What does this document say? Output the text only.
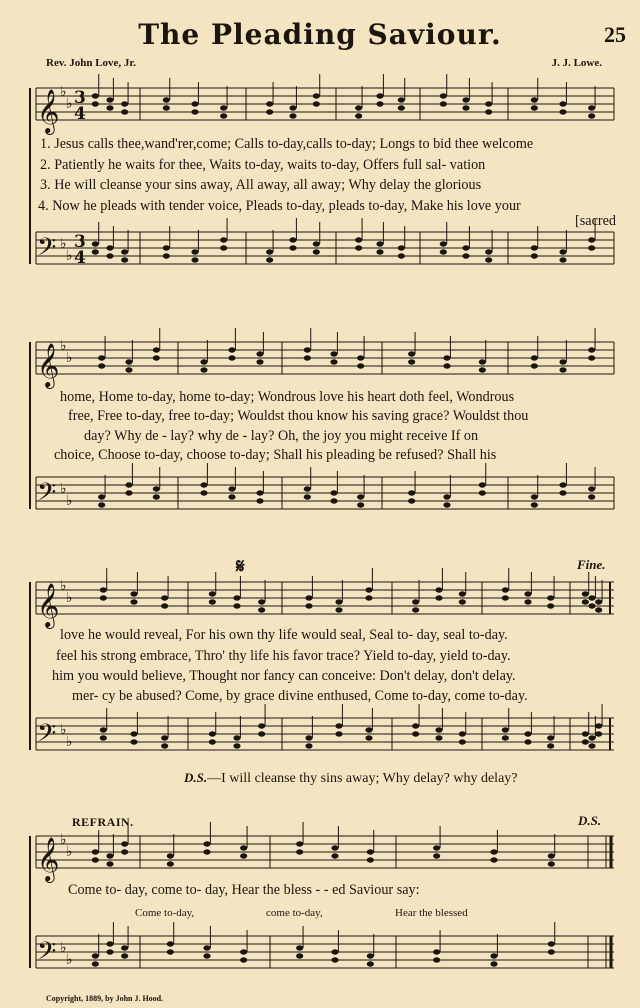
The Pleading Saviour.	25
Rev. John Love, Jr.	J. J. Lowe.
𝄞
𝄢
𝄞
𝄢
𝄞
𝄢
𝄞
𝄢
♭
♭
♭
♭
♭
♭
♭
♭
♭
♭
♭
♭
♭
♭
♭
♭
3
4
3
4
1. Jesus calls thee,wand'rer,come; Calls to-day,calls to-day; Longs to bid thee welcome
2. Patiently he waits for thee, Waits to-day, waits to-day, Offers full sal- vation
3. He will cleanse your sins away, All away, all away; Why delay the glorious
4. Now he pleads with tender voice, Pleads to-day, pleads to-day, Make his love your
[sacred
home, Home to-day, home to-day; Wondrous love his heart doth feel, Wondrous
free, Free to-day, free to-day; Wouldst thou know his saving grace? Wouldst thou
day? Why de - lay? why de - lay? Oh, the joy you might receive If on
choice, Choose to-day, choose to-day; Shall his pleading be refused? Shall his
𝄋	Fine.
love he would reveal, For his own thy life would seal, Seal to- day, seal to-day.
feel his strong embrace, Thro' thy life his favor trace? Yield to-day, yield to-day.
him you would believe, Thought nor fancy can conceive: Don't delay, don't delay.
mer- cy be abused? Come, by grace divine enthused, Come to-day, come to-day.
D.S.—I will cleanse thy sins away; Why delay? why delay?
REFRAIN.	D.S.
Come to- day, come to- day, Hear the bless - - ed Saviour say:
Come to-day,	come to-day,	Hear the blessed
Copyright, 1889, by John J. Hood.
